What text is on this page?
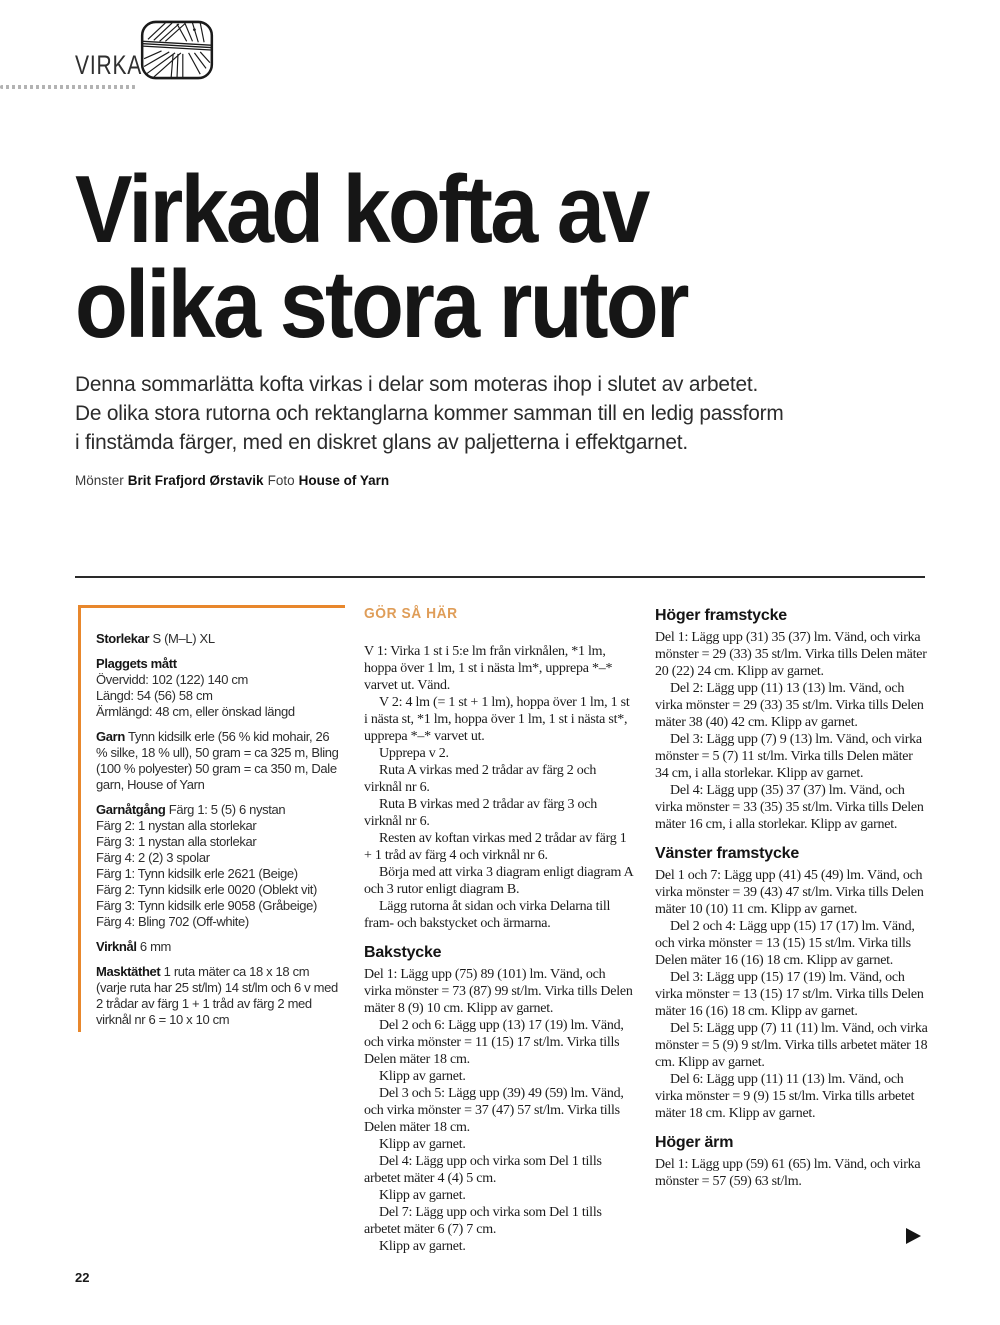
VIRKA
Virkad kofta av
olika stora rutor
Denna sommarlätta kofta virkas i delar som moteras ihop i slutet av arbetet.
De olika stora rutorna och rektanglarna kommer samman till en ledig passform
i finstämda färger, med en diskret glans av paljetterna i effektgarnet.
Mönster Brit Frafjord Ørstavik Foto House of Yarn

Storlekar S (M–L) XL

Plaggets mått

Övervidd: 102 (122) 140 cm

Längd: 54 (56) 58 cm

Ärmlängd: 48 cm, eller önskad längd

Garn Tynn kidsilk erle (56 % kid mohair, 26 % silke, 18 % ull), 50 gram = ca 325 m, Bling (100 % polyester) 50 gram = ca 350 m, Dale garn, House of Yarn

Garnåtgång Färg 1: 5 (5) 6 nystan

Färg 2: 1 nystan alla storlekar

Färg 3: 1 nystan alla storlekar

Färg 4: 2 (2) 3 spolar

Färg 1: Tynn kidsilk erle 2621 (Beige)

Färg 2: Tynn kidsilk erle 0020 (Oblekt vit)

Färg 3: Tynn kidsilk erle 9058 (Gråbeige)

Färg 4: Bling 702 (Off-white)

Virknål 6 mm

Masktäthet 1 ruta mäter ca 18 x 18 cm (varje ruta har 25 st/lm) 14 st/lm och 6 v med 2 trådar av färg 1 + 1 tråd av färg 2 med virknål nr 6 = 10 x 10 cm

GÖR SÅ HÄR

V 1: Virka 1 st i 5:e lm från virknålen, *1 lm, hoppa över 1 lm, 1 st i nästa lm*, upprepa *–* varvet ut. Vänd.

V 2: 4 lm (= 1 st + 1 lm), hoppa över 1 lm, 1 st i nästa st, *1 lm, hoppa över 1 lm, 1 st i nästa st*, upprepa *–* varvet ut.

Upprepa v 2.

Ruta A virkas med 2 trådar av färg 2 och virknål nr 6.

Ruta B virkas med 2 trådar av färg 3 och virknål nr 6.

Resten av koftan virkas med 2 trådar av färg 1 + 1 tråd av färg 4 och virknål nr 6.

Börja med att virka 3 diagram enligt diagram A och 3 rutor enligt diagram B.

Lägg rutorna åt sidan och virka Delarna till fram- och bakstycket och ärmarna.

Bakstycke

Del 1: Lägg upp (75) 89 (101) lm. Vänd, och virka mönster = 73 (87) 99 st/lm. Virka tills Delen mäter 8 (9) 10 cm. Klipp av garnet.

Del 2 och 6: Lägg upp (13) 17 (19) lm. Vänd, och virka mönster = 11 (15) 17 st/lm. Virka tills Delen mäter 18 cm.

Klipp av garnet.

Del 3 och 5: Lägg upp (39) 49 (59) lm. Vänd, och virka mönster = 37 (47) 57 st/lm. Virka tills Delen mäter 18 cm.

Klipp av garnet.

Del 4: Lägg upp och virka som Del 1 tills arbetet mäter 4 (4) 5 cm.

Klipp av garnet.

Del 7: Lägg upp och virka som Del 1 tills arbetet mäter 6 (7) 7 cm.

Klipp av garnet.

Höger framstycke

Del 1: Lägg upp (31) 35 (37) lm. Vänd, och virka mönster = 29 (33) 35 st/lm. Virka tills Delen mäter 20 (22) 24 cm. Klipp av garnet.

Del 2: Lägg upp (11) 13 (13) lm. Vänd, och virka mönster = 29 (33) 35 st/lm. Virka tills Delen mäter 38 (40) 42 cm. Klipp av garnet.

Del 3: Lägg upp (7) 9 (13) lm. Vänd, och virka mönster = 5 (7) 11 st/lm. Virka tills Delen mäter 34 cm, i alla storlekar. Klipp av garnet.

Del 4: Lägg upp (35) 37 (37) lm. Vänd, och virka mönster = 33 (35) 35 st/lm. Virka tills Delen mäter 16 cm, i alla storlekar. Klipp av garnet.

Vänster framstycke

Del 1 och 7: Lägg upp (41) 45 (49) lm. Vänd, och virka mönster = 39 (43) 47 st/lm. Virka tills Delen mäter 10 (10) 11 cm. Klipp av garnet.

Del 2 och 4: Lägg upp (15) 17 (17) lm. Vänd, och virka mönster = 13 (15) 15 st/lm. Virka tills Delen mäter 16 (16) 18 cm. Klipp av garnet.

Del 3: Lägg upp (15) 17 (19) lm. Vänd, och virka mönster = 13 (15) 17 st/lm. Virka tills Delen mäter 16 (16) 18 cm. Klipp av garnet.

Del 5: Lägg upp (7) 11 (11) lm. Vänd, och virka mönster = 5 (9) 9 st/lm. Virka tills arbetet mäter 18 cm. Klipp av garnet.

Del 6: Lägg upp (11) 11 (13) lm. Vänd, och virka mönster = 9 (9) 15 st/lm. Virka tills arbetet mäter 18 cm. Klipp av garnet.

Höger ärm

Del 1: Lägg upp (59) 61 (65) lm. Vänd, och virka mönster = 57 (59) 63 st/lm.

22
